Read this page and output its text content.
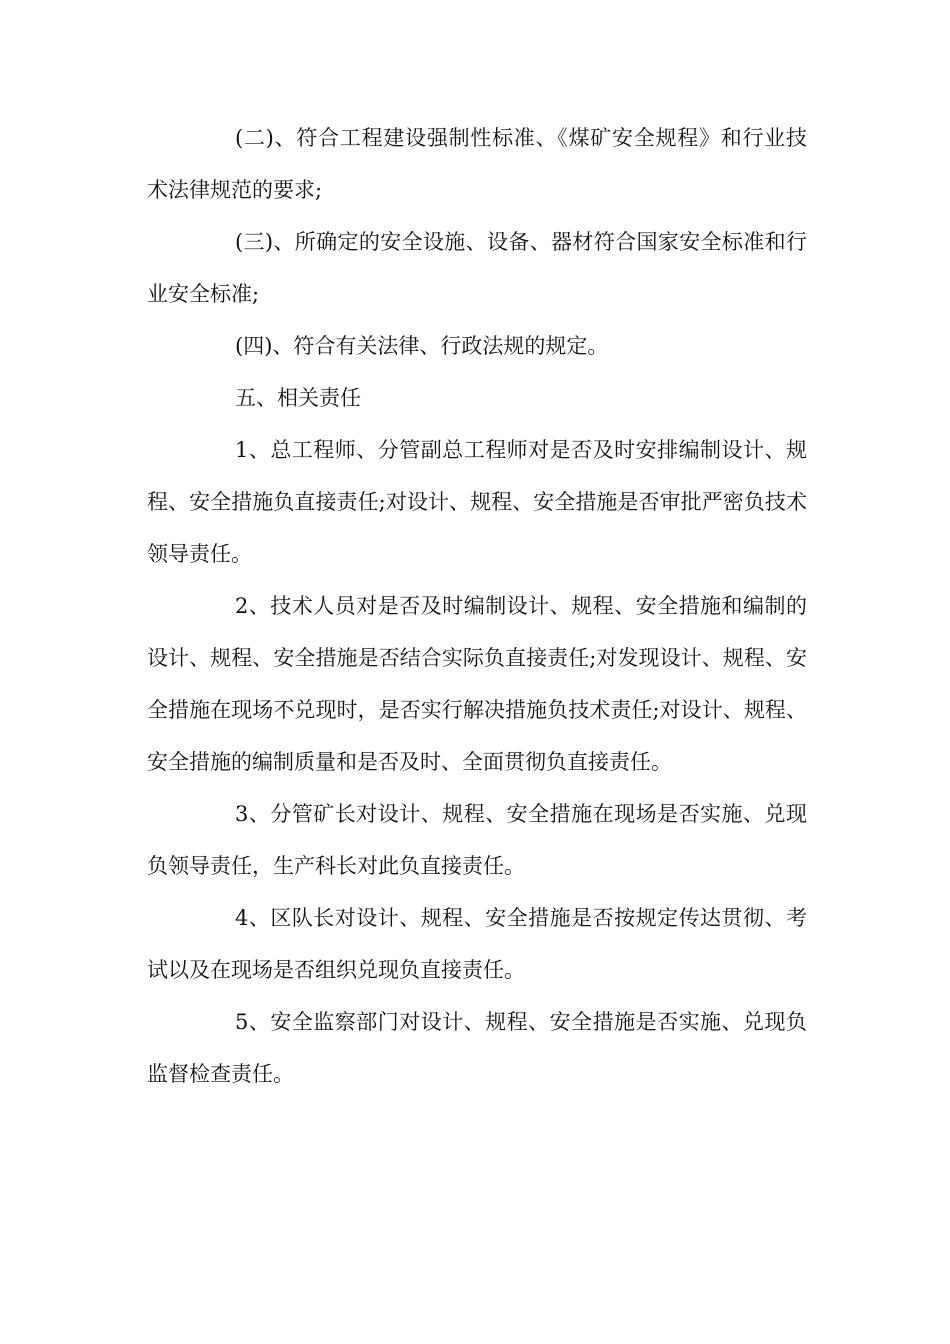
(二)、符合工程建设强制性标准、《煤矿安全规程》和行业技术法律规范的要求;

(三)、所确定的安全设施、设备、器材符合国家安全标准和行业安全标准;

(四)、符合有关法律、行政法规的规定。

五、相关责任

1、总工程师、分管副总工程师对是否及时安排编制设计、规程、安全措施负直接责任;对设计、规程、安全措施是否审批严密负技术领导责任。

2、技术人员对是否及时编制设计、规程、安全措施和编制的设计、规程、安全措施是否结合实际负直接责任;对发现设计、规程、安全措施在现场不兑现时，是否实行解决措施负技术责任;对设计、规程、安全措施的编制质量和是否及时、全面贯彻负直接责任。

3、分管矿长对设计、规程、安全措施在现场是否实施、兑现负领导责任，生产科长对此负直接责任。

4、区队长对设计、规程、安全措施是否按规定传达贯彻、考试以及在现场是否组织兑现负直接责任。

5、安全监察部门对设计、规程、安全措施是否实施、兑现负监督检查责任。
